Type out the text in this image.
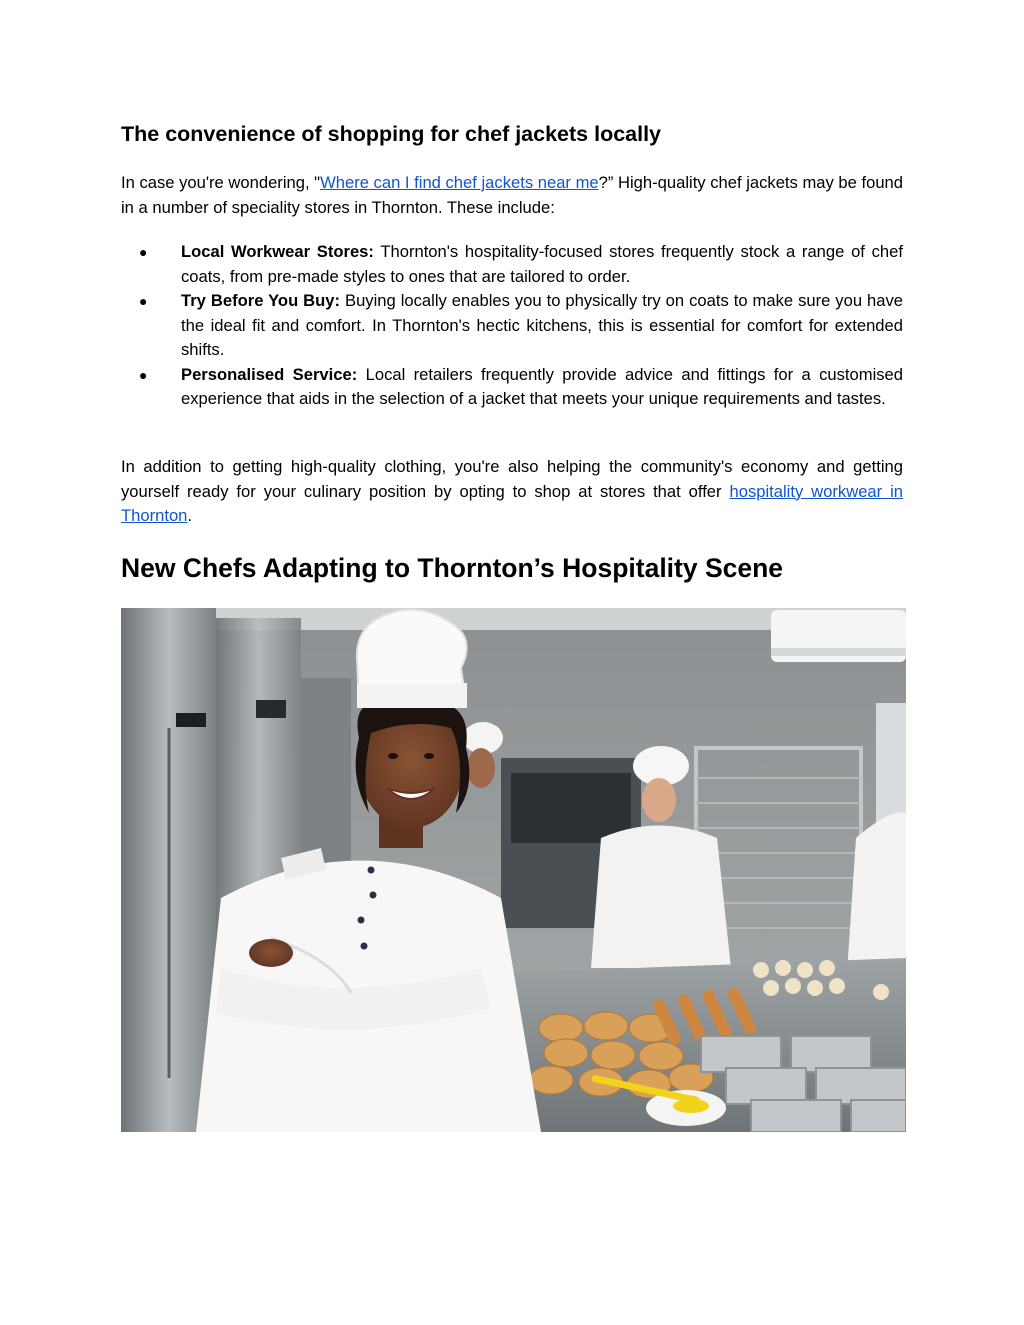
The convenience of shopping for chef jackets locally

In case you're wondering, "Where can I find chef jackets near me?” High-quality chef jackets may be found in a number of speciality stores in Thornton. These include:

● Local Workwear Stores: Thornton's hospitality-focused stores frequently stock a range of chef coats, from pre-made styles to ones that are tailored to order.
● Try Before You Buy: Buying locally enables you to physically try on coats to make sure you have the ideal fit and comfort. In Thornton's hectic kitchens, this is essential for comfort for extended shifts.
● Personalised Service: Local retailers frequently provide advice and fittings for a customised experience that aids in the selection of a jacket that meets your unique requirements and tastes.

In addition to getting high-quality clothing, you're also helping the community's economy and getting yourself ready for your culinary position by opting to shop at stores that offer hospitality workwear in Thornton.

New Chefs Adapting to Thornton’s Hospitality Scene
